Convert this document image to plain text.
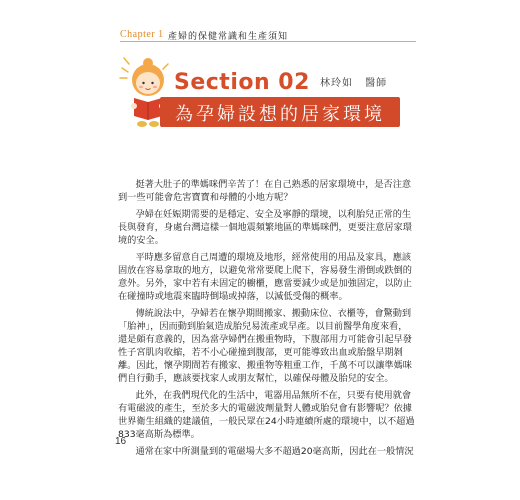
Chapter 1 產婦的保健常識和生產須知
Section 02 林玲如 醫師
為孕婦設想的居家環境

挺著大肚子的準媽咪們辛苦了！在自己熟悉的居家環境中，是否注意到一些可能會危害寶寶和母體的小地方呢？

孕婦在妊娠期需要的是穩定、安全及寧靜的環境，以利胎兒正常的生長與發育，身處台灣這樣一個地震頻繁地區的準媽咪們，更要注意居家環境的安全。

平時應多留意自己周遭的環境及地形，經常使用的用品及家具，應該固放在容易拿取的地方，以避免常常要爬上爬下，容易發生滑倒或跌倒的意外。另外，家中若有未固定的櫥櫃，應當要減少或是加強固定，以防止在碰撞時或地震來臨時倒塌或掉落，以減低受傷的概率。

傳統說法中，孕婦若在懷孕期間搬家、搬動床位、衣櫃等，會驚動到「胎神」，因而動到胎氣造成胎兒易流產或早產。以目前醫學角度來看，還是頗有意義的，因為當孕婦們在搬重物時，下腹部用力可能會引起早發性子宮肌肉收縮，若不小心碰撞到腹部，更可能導致出血或胎盤早期剝離。因此，懷孕期間若有搬家、搬重物等粗重工作，千萬不可以讓準媽咪們自行動手，應該要找家人或朋友幫忙，以確保母體及胎兒的安全。

此外，在我們現代化的生活中，電器用品無所不在，只要有使用就會有電磁波的產生，至於多大的電磁波劑量對人體或胎兒會有影響呢？依據世界衛生組織的建議值，一般民眾在24小時連續所處的環境中，以不超過833毫高斯為標準。

通常在家中所測量到的電磁場大多不超過20毫高斯，因此在一般情況

16
